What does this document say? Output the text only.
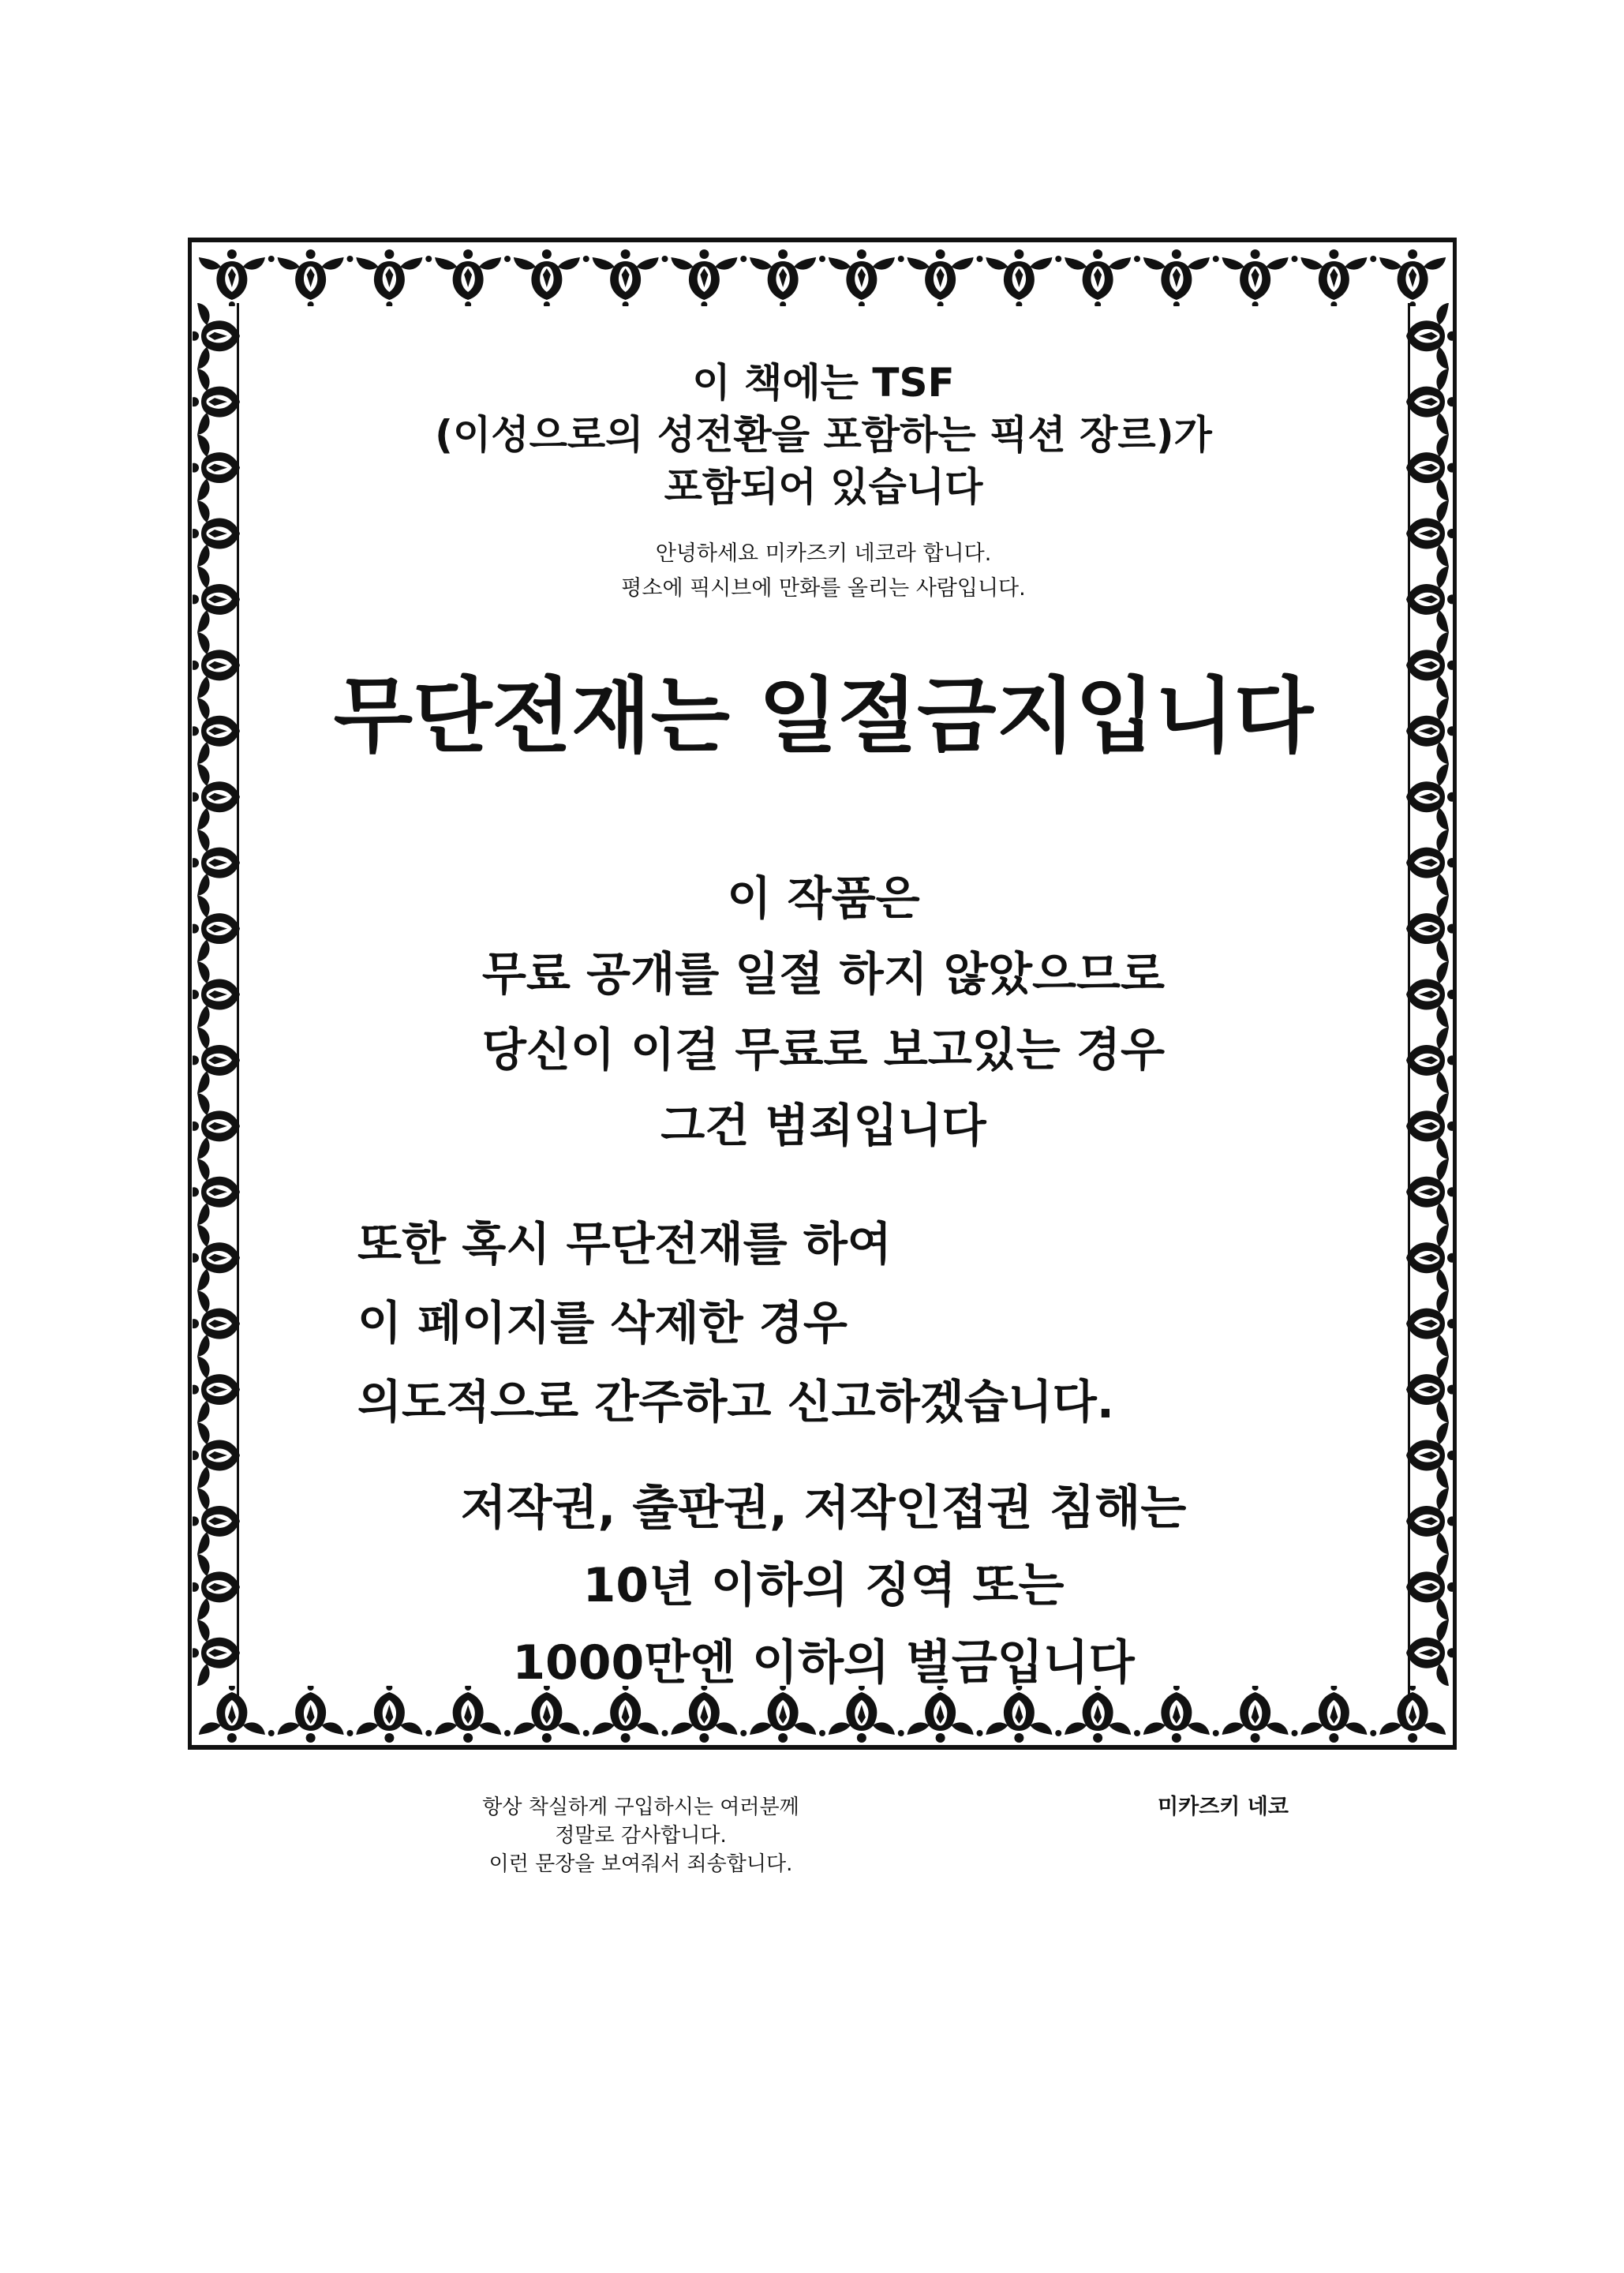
이 책에는 TSF
(이성으로의 성전환을 포함하는 픽션 장르)가
포함되어 있습니다
안녕하세요 미카즈키 네코라 합니다.
평소에 픽시브에 만화를 올리는 사람입니다.
무단전재는 일절금지입니다
이 작품은
무료 공개를 일절 하지 않았으므로
당신이 이걸 무료로 보고있는 경우
그건 범죄입니다
또한 혹시 무단전재를 하여
이 페이지를 삭제한 경우
의도적으로 간주하고 신고하겠습니다.
저작권, 출판권, 저작인접권 침해는
10년 이하의 징역 또는
1000만엔 이하의 벌금입니다
항상 착실하게 구입하시는 여러분께
정말로 감사합니다.
이런 문장을 보여줘서 죄송합니다.
미카즈키 네코
